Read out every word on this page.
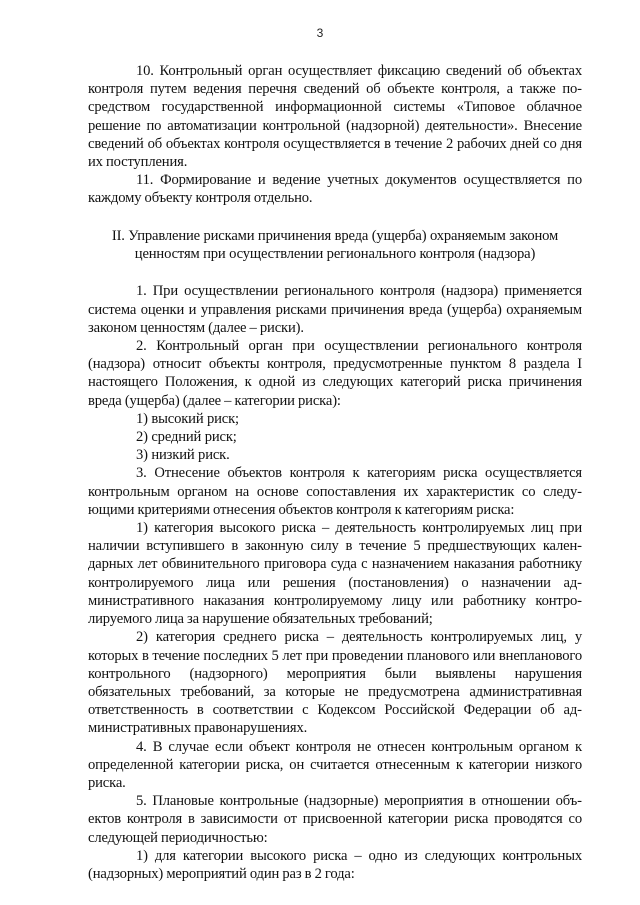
3

10. Контрольный орган осуществляет фиксацию сведений об объектах контроля путем ведения перечня сведений об объекте контроля, а также посредством государственной информационной системы «Типовое облачное решение по автоматизации контрольной (надзорной) деятельности». Внесение сведений об объектах контроля осуществляется в течение 2 рабочих дней со дня их поступления.

11. Формирование и ведение учетных документов осуществляется по каждому объекту контроля отдельно.

II. Управление рисками причинения вреда (ущерба) охраняемым законом ценностям при осуществлении регионального контроля (надзора)

1. При осуществлении регионального контроля (надзора) применяется система оценки и управления рисками причинения вреда (ущерба) охраняемым законом ценностям (далее – риски).

2. Контрольный орган при осуществлении регионального контроля (надзора) относит объекты контроля, предусмотренные пунктом 8 раздела I настоящего Положения, к одной из следующих категорий риска причинения вреда (ущерба) (далее – категории риска):

1) высокий риск;

2) средний риск;

3) низкий риск.

3. Отнесение объектов контроля к категориям риска осуществляется контрольным органом на основе сопоставления их характеристик со следующими критериями отнесения объектов контроля к категориям риска:

1) категория высокого риска – деятельность контролируемых лиц при наличии вступившего в законную силу в течение 5 предшествующих календарных лет обвинительного приговора суда с назначением наказания работнику контролируемого лица или решения (постановления) о назначении административного наказания контролируемому лицу или работнику контролируемого лица за нарушение обязательных требований;

2) категория среднего риска – деятельность контролируемых лиц, у которых в течение последних 5 лет при проведении планового или внепланового контрольного (надзорного) мероприятия были выявлены нарушения обязательных требований, за которые не предусмотрена административная ответственность в соответствии с Кодексом Российской Федерации об административных правонарушениях.

4. В случае если объект контроля не отнесен контрольным органом к определенной категории риска, он считается отнесенным к категории низкого риска.

5. Плановые контрольные (надзорные) мероприятия в отношении объектов контроля в зависимости от присвоенной категории риска проводятся со следующей периодичностью:

1) для категории высокого риска – одно из следующих контрольных (надзорных) мероприятий один раз в 2 года:
